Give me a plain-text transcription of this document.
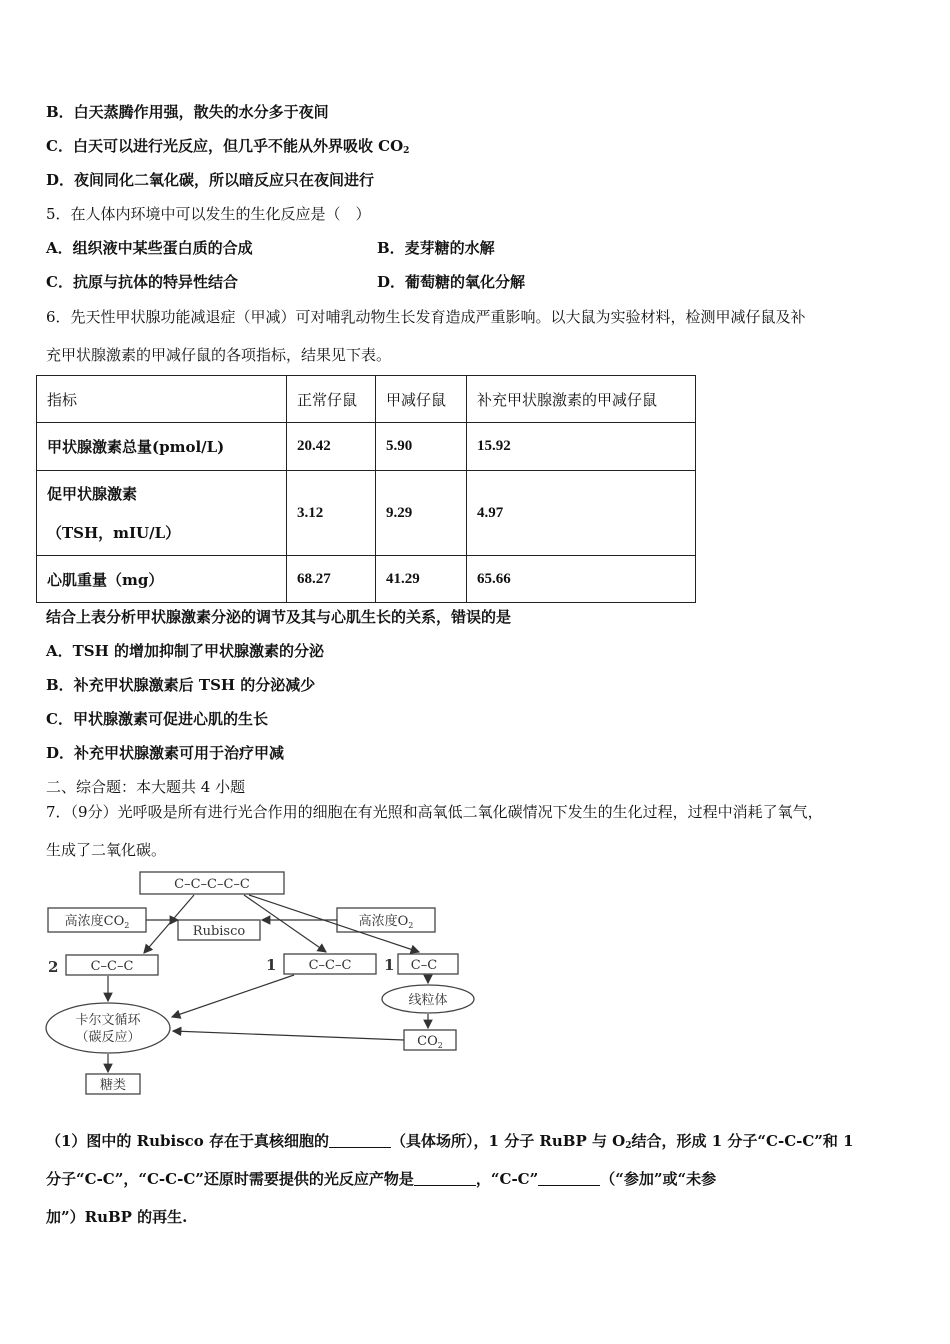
B．白天蒸腾作用强，散失的水分多于夜间
C．白天可以进行光反应，但几乎不能从外界吸收 $CO_2$
D．夜间同化二氧化碳，所以暗反应只在夜间进行
5．在人体内环境中可以发生的生化反应是（　）
A．组织液中某些蛋白质的合成	B．麦芽糖的水解
C．抗原与抗体的特异性结合	D．葡萄糖的氧化分解
6．先天性甲状腺功能减退症（甲减）可对哺乳动物生长发育造成严重影响。以大鼠为实验材料，检测甲减仔鼠及补
充甲状腺激素的甲减仔鼠的各项指标，结果见下表。
指标	正常仔鼠	甲减仔鼠	补充甲状腺激素的甲减仔鼠
甲状腺激素总量(pmol/L)	20.42	5.90	15.92

促甲状腺激素
（TSH，mIU/L）	3.12	9.29	4.97
心肌重量（mg）	68.27	41.29	65.66
结合上表分析甲状腺激素分泌的调节及其与心肌生长的关系，错误的是
A．TSH 的增加抑制了甲状腺激素的分泌
B．补充甲状腺激素后 TSH 的分泌减少
C．甲状腺激素可促进心肌的生长
D．补充甲状腺激素可用于治疗甲减
二、综合题：本大题共 4 小题
7．（9分）光呼吸是所有进行光合作用的细胞在有光照和高氧低二氧化碳情况下发生的生化过程，过程中消耗了氧气，
生成了二氧化碳。
C–C–C–C–C
高浓度$CO_2$	Rubisco
高浓度$O_2$
2 C–C–C	1 C–C–C 1 C–C
线粒体
卡尔文循环
（碳反应）	$CO_2$
糖类
（1）图中的 Rubisco 存在于真核细胞的	（具体场所），1 分子 RuBP 与 $O_2$结合，形成 1 分子“C-C-C”和 1
分子“C-C”，“C-C-C”还原时需要提供的光反应产物是	，“C-C”	（“参加”或“未参
加”）RuBP 的再生.
